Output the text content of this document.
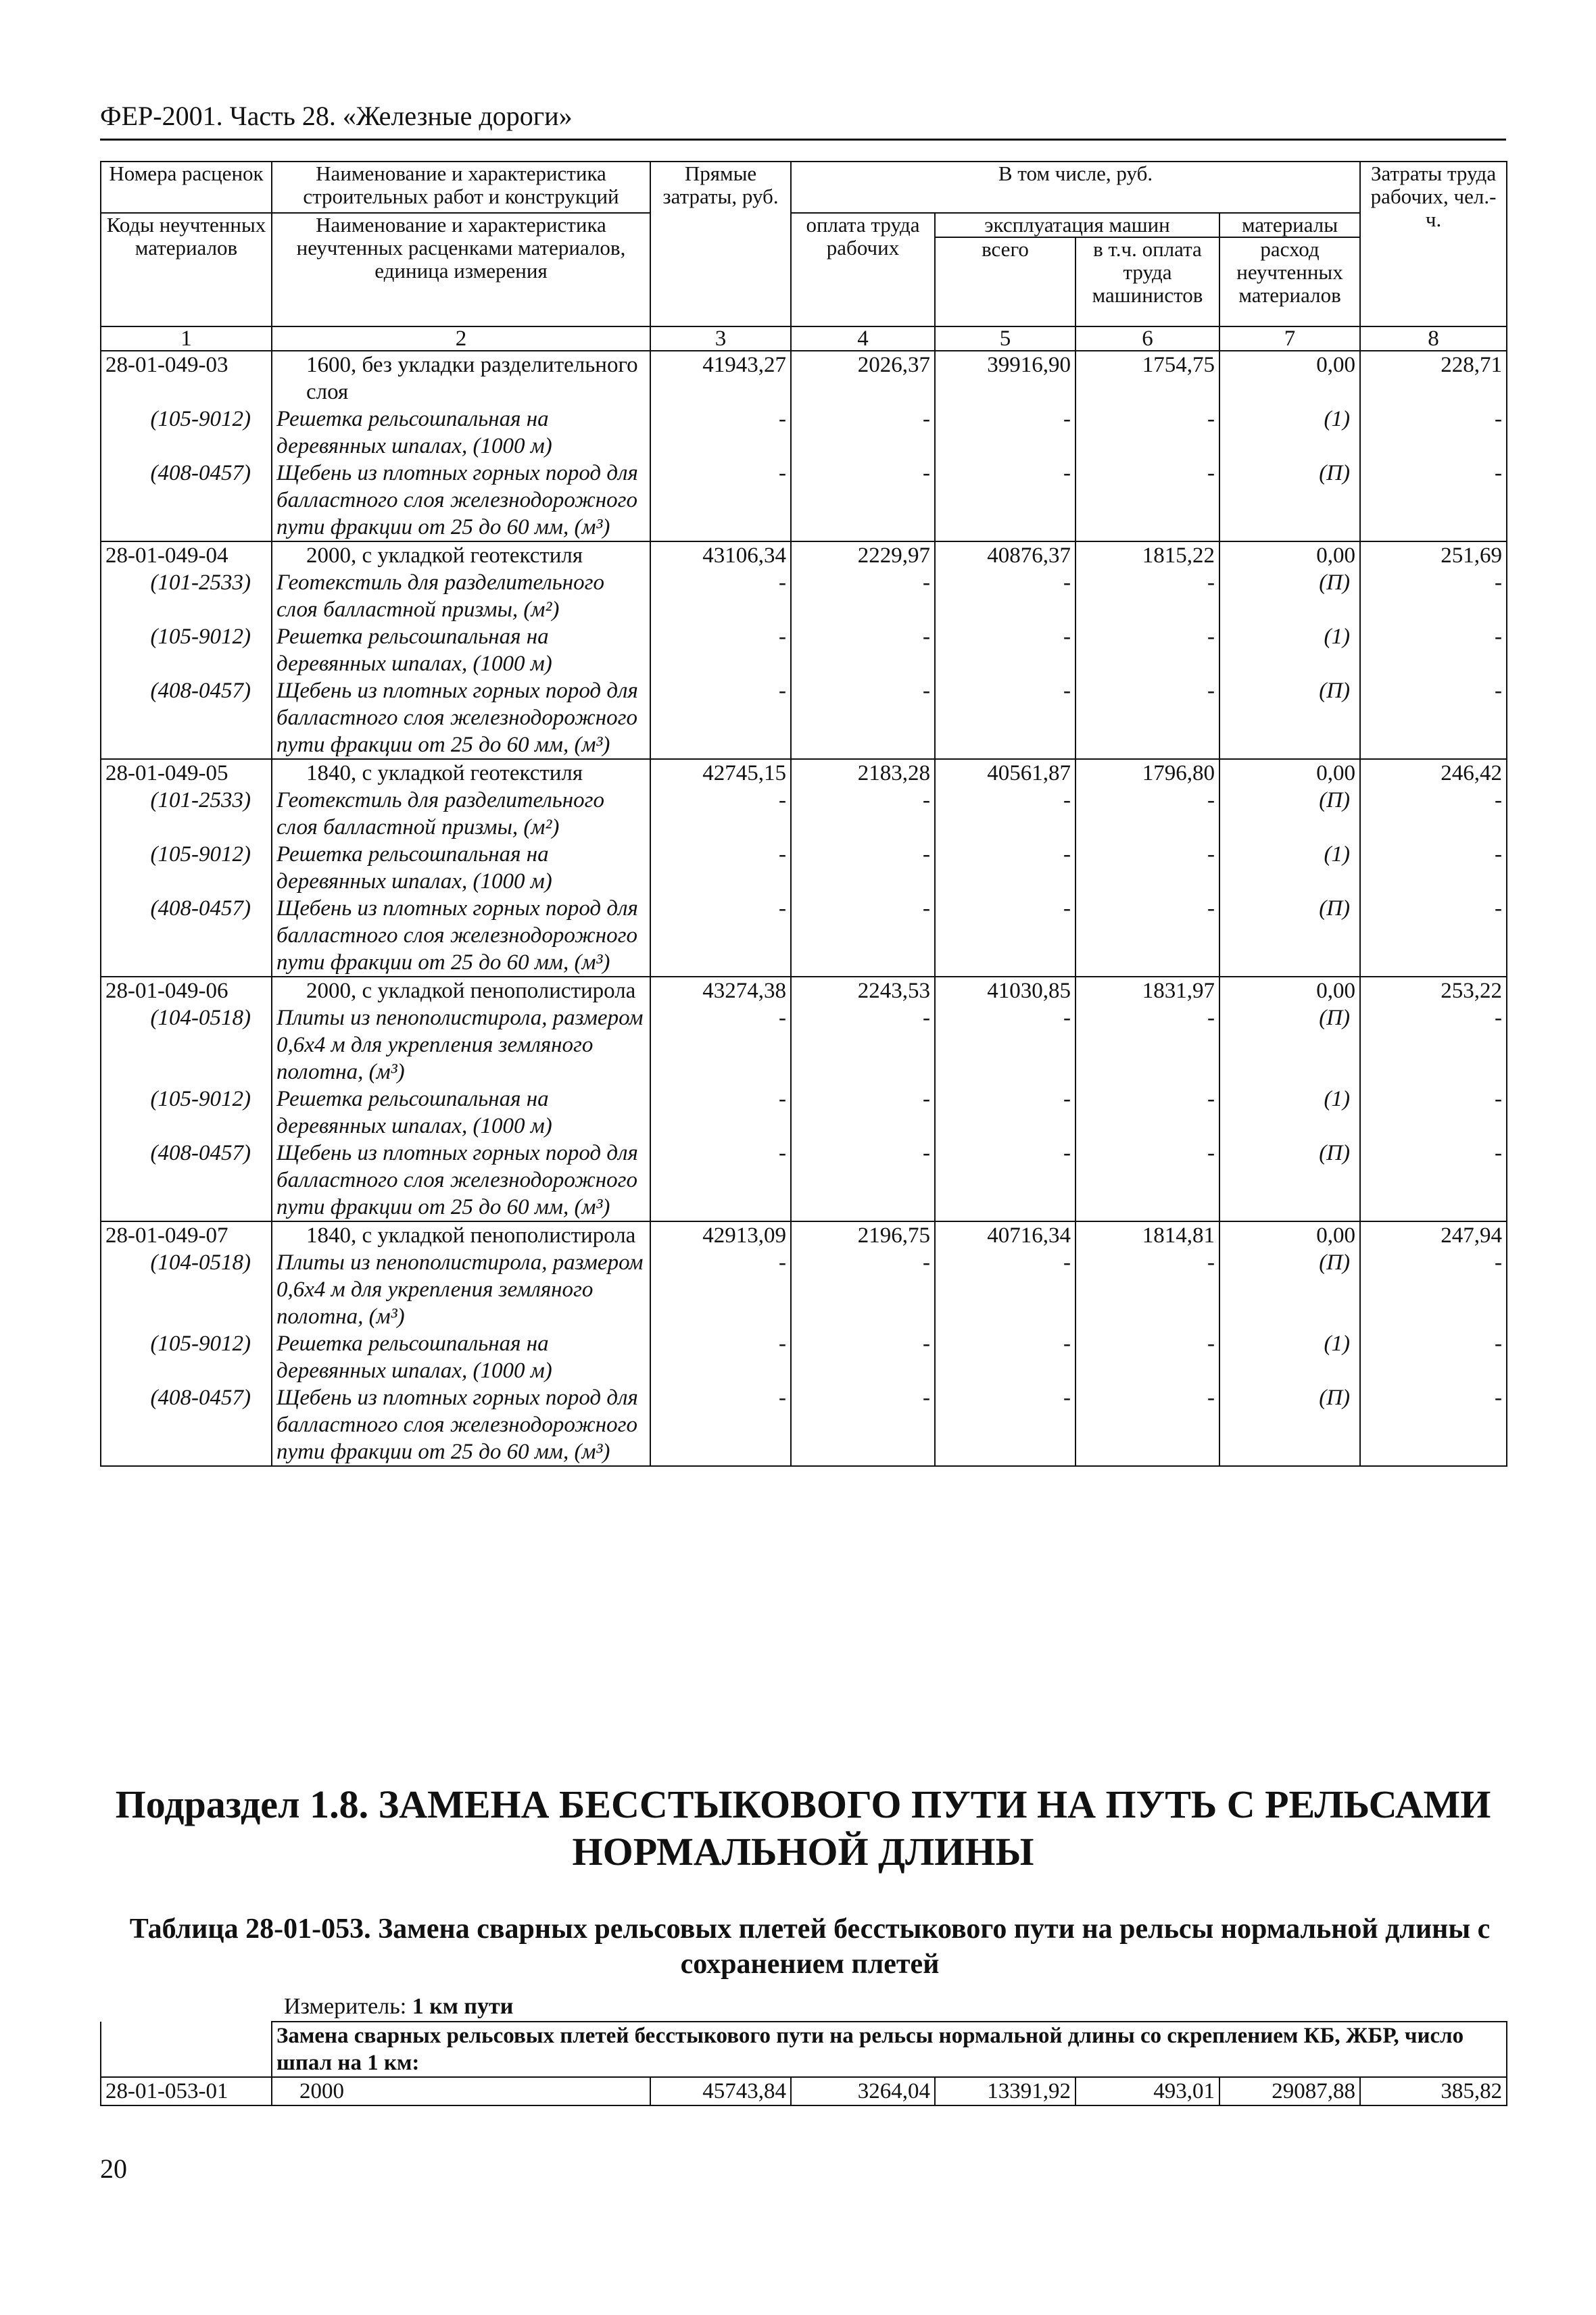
ФЕР-2001. Часть 28. «Железные дороги»
Номера расценок	Наименование и характеристика строительных работ и конструкций	Прямые затраты, руб.	В том числе, руб.				Затраты труда рабочих, чел.-ч.
Коды неучтенных материалов	Наименование и характеристика неучтенных расценками материалов, единица измерения		оплата труда рабочих	эксплуатация машин		материалы	
				всего	в т.ч. оплата труда машинистов	расход неучтенных материалов	
1	2	3	4	5	6	7	8
28-01-049-03	1600, без укладки разделительного слоя	41943,27	2026,37	39916,90	1754,75	0,00	228,71
(105-9012)	Решетка рельсошпальная на деревянных шпалах, (1000 м)	-	-	-	-	(1)	-
(408-0457)	Щебень из плотных горных пород для балластного слоя железнодорожного пути фракции от 25 до 60 мм, (м³)	-	-	-	-	(П)	-
28-01-049-04	2000, с укладкой геотекстиля	43106,34	2229,97	40876,37	1815,22	0,00	251,69
(101-2533)	Геотекстиль для разделительного слоя балластной призмы, (м²)	-	-	-	-	(П)	-
(105-9012)	Решетка рельсошпальная на деревянных шпалах, (1000 м)	-	-	-	-	(1)	-
(408-0457)	Щебень из плотных горных пород для балластного слоя железнодорожного пути фракции от 25 до 60 мм, (м³)	-	-	-	-	(П)	-
28-01-049-05	1840, с укладкой геотекстиля	42745,15	2183,28	40561,87	1796,80	0,00	246,42
(101-2533)	Геотекстиль для разделительного слоя балластной призмы, (м²)	-	-	-	-	(П)	-
(105-9012)	Решетка рельсошпальная на деревянных шпалах, (1000 м)	-	-	-	-	(1)	-
(408-0457)	Щебень из плотных горных пород для балластного слоя железнодорожного пути фракции от 25 до 60 мм, (м³)	-	-	-	-	(П)	-
28-01-049-06	2000, с укладкой пенополистирола	43274,38	2243,53	41030,85	1831,97	0,00	253,22
(104-0518)	Плиты из пенополистирола, размером 0,6х4 м для укрепления земляного полотна, (м³)	-	-	-	-	(П)	-
(105-9012)	Решетка рельсошпальная на деревянных шпалах, (1000 м)	-	-	-	-	(1)	-
(408-0457)	Щебень из плотных горных пород для балластного слоя железнодорожного пути фракции от 25 до 60 мм, (м³)	-	-	-	-	(П)	-
28-01-049-07	1840, с укладкой пенополистирола	42913,09	2196,75	40716,34	1814,81	0,00	247,94
(104-0518)	Плиты из пенополистирола, размером 0,6х4 м для укрепления земляного полотна, (м³)	-	-	-	-	(П)	-
(105-9012)	Решетка рельсошпальная на деревянных шпалах, (1000 м)	-	-	-	-	(1)	-
(408-0457)	Щебень из плотных горных пород для балластного слоя железнодорожного пути фракции от 25 до 60 мм, (м³)	-	-	-	-	(П)	-
Подраздел 1.8. ЗАМЕНА БЕССТЫКОВОГО ПУТИ НА ПУТЬ С РЕЛЬСАМИ НОРМАЛЬНОЙ ДЛИНЫ
Таблица 28-01-053. Замена сварных рельсовых плетей бесстыкового пути на рельсы нормальной длины с сохранением плетей
Измеритель: 1 км пути
	Замена сварных рельсовых плетей бесстыкового пути на рельсы нормальной длины со скреплением КБ, ЖБР, число шпал на 1 км:						
28-01-053-01	2000	45743,84	3264,04	13391,92	493,01	29087,88	385,82
20
